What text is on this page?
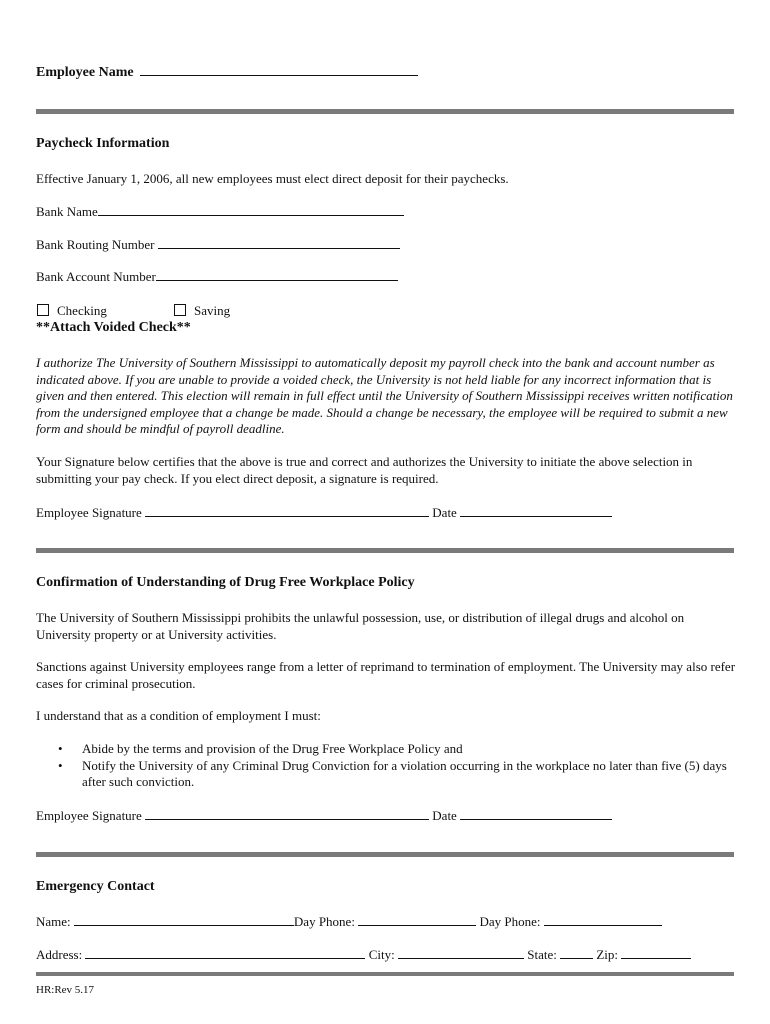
Employee Name
Paycheck Information
Effective January 1, 2006, all new employees must elect direct deposit for their paychecks.
Bank Name
Bank Routing Number
Bank Account Number
Checking	Saving
**Attach Voided Check**
I authorize The University of Southern Mississippi to automatically deposit my payroll check into the bank and account number as indicated above. If you are unable to provide a voided check, the University is not held liable for any incorrect information that is given and then entered. This election will remain in full effect until the University of Southern Mississippi receives written notification from the undersigned employee that a change be made. Should a change be necessary, the employee will be required to submit a new form and should be mindful of payroll deadline.
Your Signature below certifies that the above is true and correct and authorizes the University to initiate the above selection in submitting your pay check. If you elect direct deposit, a signature is required.
Employee Signature	Date
Confirmation of Understanding of Drug Free Workplace Policy
The University of Southern Mississippi prohibits the unlawful possession, use, or distribution of illegal drugs and alcohol on University property or at University activities.
Sanctions against University employees range from a letter of reprimand to termination of employment. The University may also refer cases for criminal prosecution.
I understand that as a condition of employment I must:
• Abide by the terms and provision of the Drug Free Workplace Policy and
• Notify the University of any Criminal Drug Conviction for a violation occurring in the workplace no later than five (5) days after such conviction.
Employee Signature	Date
Emergency Contact
Name:	Day Phone:	Day Phone:
Address:	City:	State:	Zip:
HR:Rev 5.17
